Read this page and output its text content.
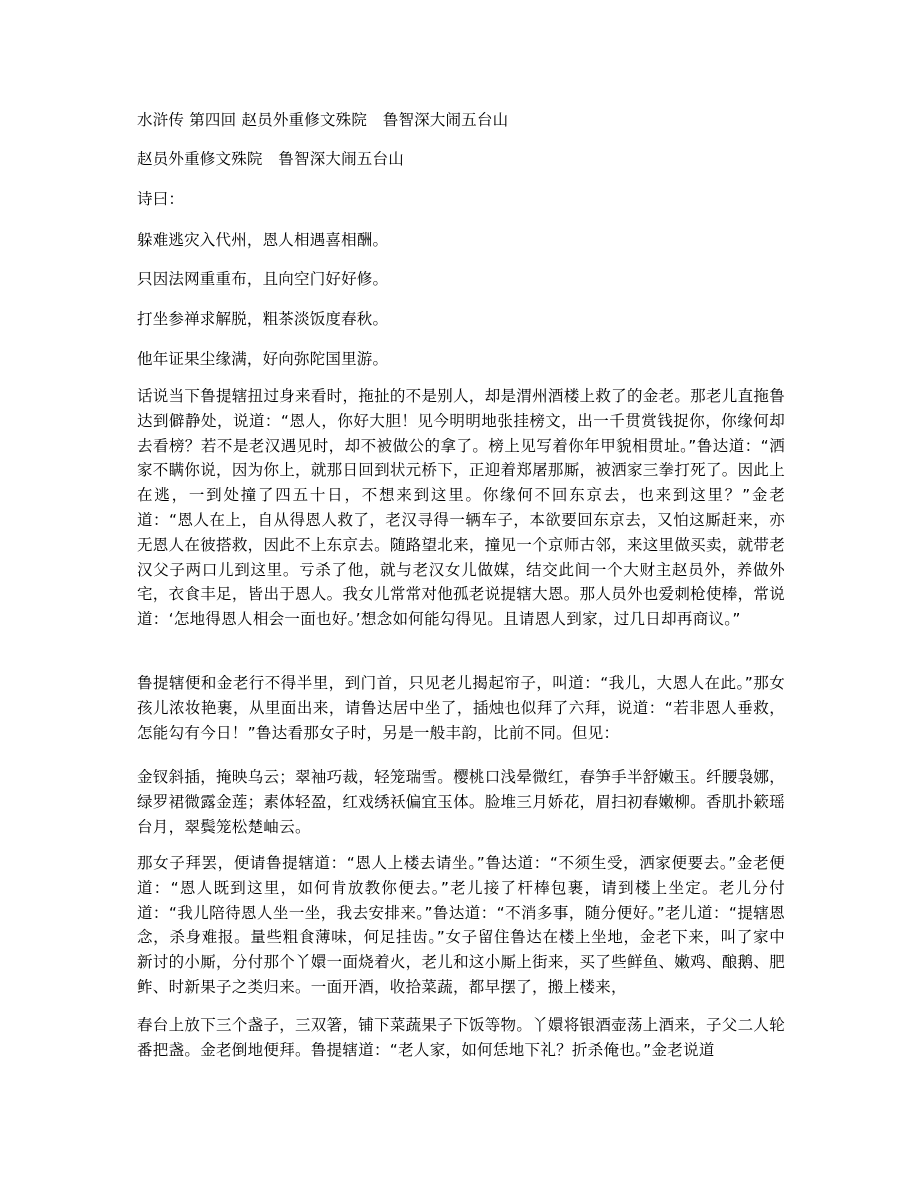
水浒传 第四回 赵员外重修文殊院　鲁智深大闹五台山

赵员外重修文殊院　鲁智深大闹五台山

诗曰：

躲难逃灾入代州，恩人相遇喜相酬。

只因法网重重布，且向空门好好修。

打坐参禅求解脱，粗茶淡饭度春秋。

他年证果尘缘满，好向弥陀国里游。

话说当下鲁提辖扭过身来看时，拖扯的不是别人，却是渭州酒楼上救了的金老。那老儿直拖鲁达到僻静处，说道：“恩人，你好大胆！见今明明地张挂榜文，出一千贯赏钱捉你，你缘何却去看榜？若不是老汉遇见时，却不被做公的拿了。榜上见写着你年甲貌相贯址。”鲁达道：“洒家不瞒你说，因为你上，就那日回到状元桥下，正迎着郑屠那厮，被洒家三拳打死了。因此上在逃，一到处撞了四五十日，不想来到这里。你缘何不回东京去，也来到这里？”金老道：“恩人在上，自从得恩人救了，老汉寻得一辆车子，本欲要回东京去，又怕这厮赶来，亦无恩人在彼搭救，因此不上东京去。随路望北来，撞见一个京师古邻，来这里做买卖，就带老汉父子两口儿到这里。亏杀了他，就与老汉女儿做媒，结交此间一个大财主赵员外，养做外宅，衣食丰足，皆出于恩人。我女儿常常对他孤老说提辖大恩。那人员外也爱刺枪使棒，常说道：‘怎地得恩人相会一面也好。’想念如何能勾得见。且请恩人到家，过几日却再商议。”

鲁提辖便和金老行不得半里，到门首，只见老儿揭起帘子，叫道：“我儿，大恩人在此。”那女孩儿浓妆艳裹，从里面出来，请鲁达居中坐了，插烛也似拜了六拜，说道：“若非恩人垂救，怎能勾有今日！”鲁达看那女子时，另是一般丰韵，比前不同。但见：

金钗斜插，掩映乌云；翠袖巧裁，轻笼瑞雪。樱桃口浅晕微红，春笋手半舒嫩玉。纤腰袅娜，绿罗裙微露金莲；素体轻盈，红戏绣袄偏宜玉体。脸堆三月娇花，眉扫初春嫩柳。香肌扑簌瑶台月，翠鬓笼松楚岫云。

那女子拜罢，便请鲁提辖道：“恩人上楼去请坐。”鲁达道：“不须生受，洒家便要去。”金老便道：“恩人既到这里，如何肯放教你便去。”老儿接了杆棒包裹，请到楼上坐定。老儿分付道：“我儿陪待恩人坐一坐，我去安排来。”鲁达道：“不消多事，随分便好。”老儿道：“提辖恩念，杀身难报。量些粗食薄味，何足挂齿。”女子留住鲁达在楼上坐地，金老下来，叫了家中新讨的小厮，分付那个丫嬛一面烧着火，老儿和这小厮上街来，买了些鲜鱼、嫩鸡、酿鹅、肥鲊、时新果子之类归来。一面开酒，收拾菜蔬，都早摆了，搬上楼来，

春台上放下三个盏子，三双箸，铺下菜蔬果子下饭等物。丫嬛将银酒壶荡上酒来，子父二人轮番把盏。金老倒地便拜。鲁提辖道：“老人家，如何恁地下礼？折杀俺也。”金老说道
